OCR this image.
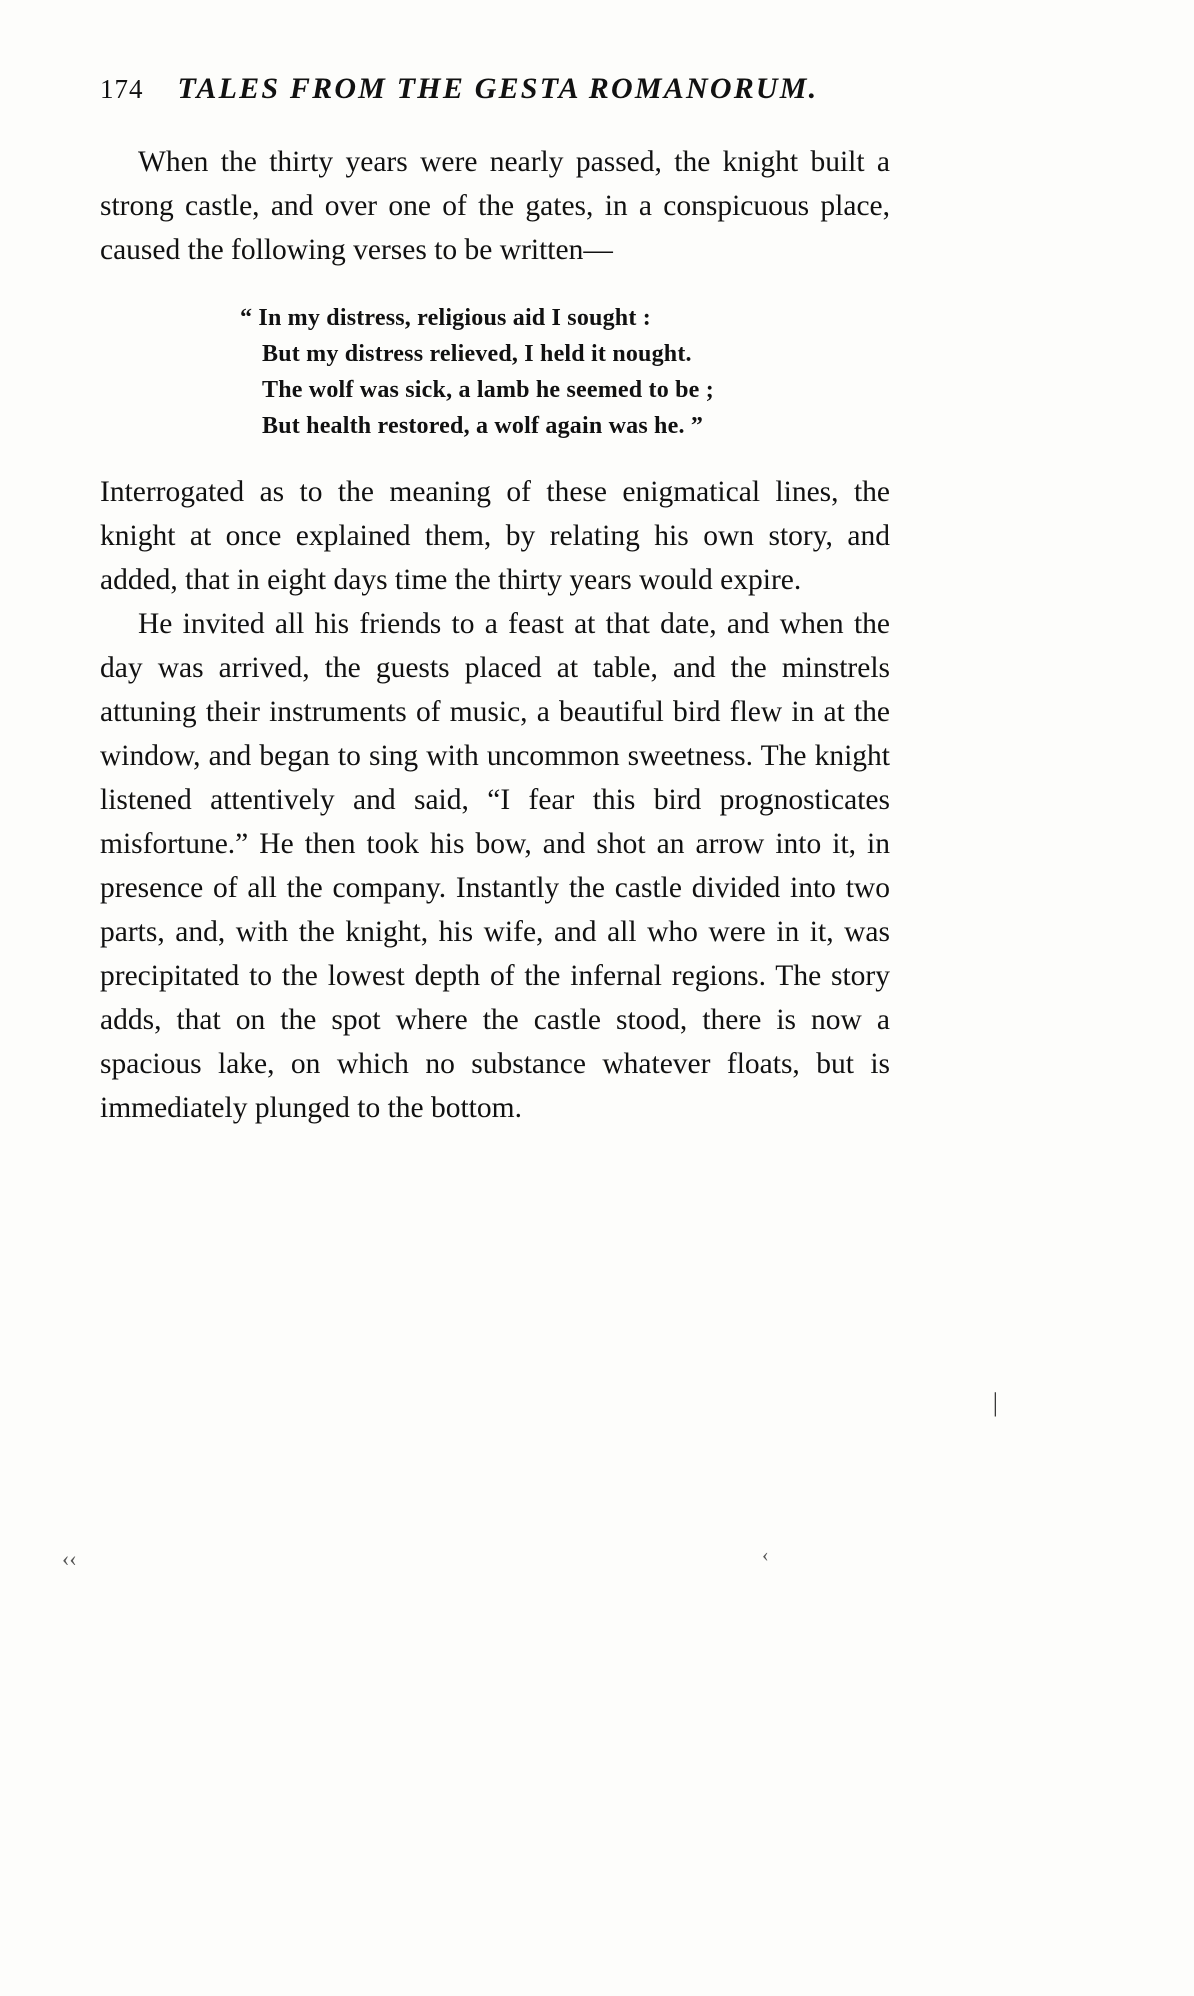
174	TALES FROM THE GESTA ROMANORUM.

When the thirty years were nearly passed, the knight built a strong castle, and over one of the gates, in a conspicuous place, caused the following verses to be written—

“ In my distress, religious aid I sought :
But my distress relieved, I held it nought.
The wolf was sick, a lamb he seemed to be ;
But health restored, a wolf again was he. ”

Interrogated as to the meaning of these enigmatical lines, the knight at once explained them, by relating his own story, and added, that in eight days time the thirty years would expire.

He invited all his friends to a feast at that date, and when the day was arrived, the guests placed at table, and the minstrels attuning their instruments of music, a beautiful bird flew in at the window, and began to sing with uncommon sweetness. The knight listened attentively and said, “I fear this bird prognosticates misfortune.” He then took his bow, and shot an arrow into it, in presence of all the company. Instantly the castle divided into two parts, and, with the knight, his wife, and all who were in it, was precipitated to the lowest depth of the infernal regions. The story adds, that on the spot where the castle stood, there is now a spacious lake, on which no substance whatever floats, but is immediately plunged to the bottom.

|
‹‹	‹
